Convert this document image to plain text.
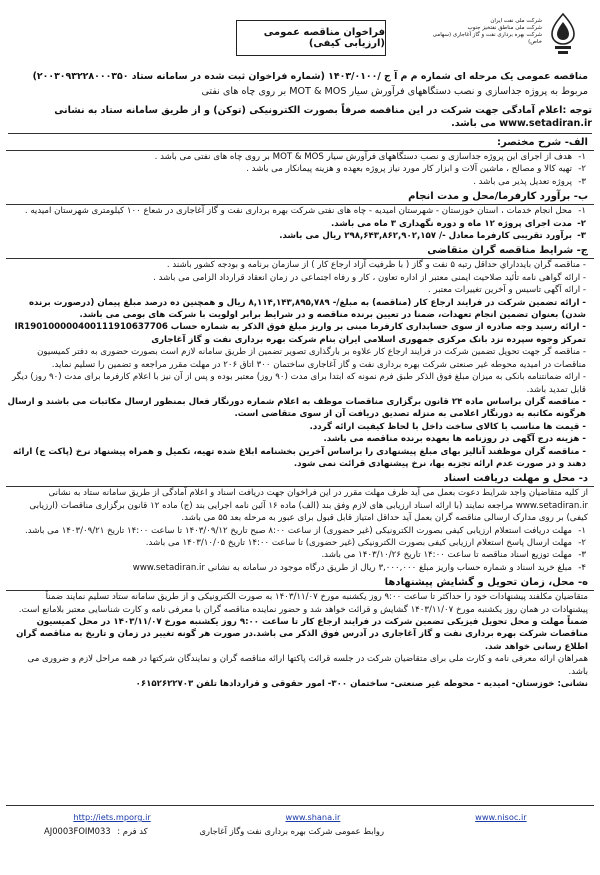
شرکت ملی نفت ایران
شرکت ملی مناطق نفتخیز جنوب
شرکت بهره برداری نفت و گاز آغاجاری (سهامی خاص)
فراخوان مناقصه عمومی (ارزیابی کیفی)
مناقصه عمومی یک مرحله ای شماره م م آ ج /۱۴۰۳/۰۱۰۰ (شماره فراخوان ثبت شده در سامانه ستاد ۲۰۰۳۰۹۳۲۲۸۰۰۰۳۵۰)
مربوط به پروژه جداسازی و نصب دستگاههای فرآورش سیار MOT & MOS بر روی چاه های نفتی
توجه :اعلام آمادگی جهت شرکت در این مناقصه صرفاً بصورت الکترونیکی (توکن) و از طریق سامانه ستاد به نشانی www.setadiran.ir می باشد.
الف- شرح مختصر:
۱-
هدف از اجرای این پروژه جداسازی و نصب دستگاههای فرآورش سیار MOT & MOS بر روی چاه های نفتی می باشد .
۲-
تهیه کالا و مصالح ، ماشین آلات و ابزار کار مورد نیاز پروژه بعهده و هزینه پیمانکار می باشد .
۳-
پروژه تعدیل پذیر می باشد .
ب- برآورد کارفرما/محل و مدت انجام
۱-
محل انجام خدمات ، استان خوزستان - شهرستان امیدیه - چاه های نفتی شرکت بهره برداری نفت و گاز آغاجاری در شعاع ۱۰۰ کیلومتری شهرستان امیدیه .
۲-
مدت اجرای پروژه ۱۲ ماه و دوره نگهداری ۳ ماه می باشد.
۳-
برآورد تقریبی کارفرما معادل -/ ۲۹۸,۶۴۳,۸۶۲,۹۰۲,۱۵۷ ریال می باشد.
ج- شرایط مناقصه گران متقاضی
- مناقصه گران بایدداراي حداقل رتبه ۵ نفت و گاز ( با ظرفیت آزاد ارجاع کار ) از سازمان برنامه و بودجه کشور باشند .
- ارائه گواهی نامه تأئید صلاحیت ایمنی معتبر از اداره تعاون ، کار و رفاه اجتماعی در زمان انعقاد قرارداد الزامی می باشد .
- ارائه آگهی تاسیس و آخرین تغییرات معتبر .
- ارائه تضمین شرکت در فرایند ارجاع کار (مناقصه) به مبلغ/- ۸,۱۱۴,۱۴۳,۸۹۵,۷۸۹ ریال و همچنین ده درصد مبلغ پیمان (درصورت برنده شدن) بعنوان تضمین انجام تعهدات، ضمنا در تعیین برنده مناقصه و در شرایط برابر اولویت با شرکت های بومی می باشد.
- ارائه رسید وجه صادره از سوی حسابداری کارفرما مبنی بر واریز مبلغ فوق الذکر به شماره حساب IR190100000400111910637706 تمرکز وجوه سپرده نزد بانک مرکزی جمهوری اسلامی ایران بنام شرکت بهره برداری نفت و گاز آغاجاری
- مناقصه گر جهت تحویل تضمین شرکت در فرایند ارجاع کار علاوه بر بارگذاری تصویر تضمین از طریق سامانه لازم است بصورت حضوری به دفتر کمیسیون مناقصات در امیدیه محوطه غیر صنعتی شرکت بهره برداری نفت و گاز آغاجاری ساختمان ۳۰۰ اتاق ۲۰۶ در مهلت مقرر مراجعه و تضمین را تسلیم نماید.
- ارائه ضمانتنامه بانکی به میزان مبلغ فوق الذکر طبق فرم نمونه که ابتدا برای مدت (۹۰ روز) معتبر بوده و پس از آن نیز با اعلام کارفرما برای مدت (۹۰ روز) دیگر قابل تمدید باشد.
- مناقصه گران براساس ماده ۲۴ قانون برگزاری مناقصات موظف به اعلام شماره دورنگار فعال بمنظور ارسال مکاتبات می باشند و ارسال هرگونه مکاتبه به دورنگار اعلامی به منزله تصدیق دریافت آن از سوی متقاضی است.
- قیمت ها مناسب با کالای ساخت داخل با لحاظ کیفیت ارائه گردد.
- هزینه درج آگهی در روزنامه ها بعهده برنده مناقصه می باشد.
- مناقصه گران موظفند آنالیز بهای مبلغ پیشنهادی را براساس آخرین بخشنامه ابلاغ شده تهیه، تکمیل و همراه پیشنهاد نرخ (پاکت ج) ارائه دهند و در صورت عدم ارائه تجزیه بها، نرخ پیشنهادی قرائت نمی شود.
د- محل و مهلت دریافت اسناد
از کلیه متقاضیان واجد شرایط دعوت بعمل می آید ظرف مهلت مقرر در این فراخوان جهت دریافت اسناد و اعلام آمادگی از طریق سامانه ستاد به نشانی www.setadiran.ir مراجعه نمایند (با ارائه اسناد ارزیابی های لازم وفق بند (الف) ماده ۱۶ آئین نامه اجرایی بند (ج) ماده ۱۲ قانون برگزاری مناقصات (ارزیابی کیفی) بر روی مدارک ارسالی مناقصه گران بعمل آید حداقل امتیاز قابل قبول برای عبور به مرحله بعد ۵۵ می باشد.
۱-
مهلت دریافت استعلام ارزیابی کیفی بصورت الکترونیکی (غیر حضوری) از ساعت ۸:۰۰ صبح تاریخ ۱۴۰۳/۰۹/۱۲ تا ساعت ۱۴:۰۰ تاریخ ۱۴۰۳/۰۹/۲۱ می باشد.
۲-
مهلت ارسال پاسخ استعلام ارزیابی کیفی بصورت الکترونیکی (غیر حضوری) تا ساعت ۱۴:۰۰ تاریخ ۱۴۰۳/۱۰/۰۵ می باشد.
۳-
مهلت توزیع اسناد مناقصه تا ساعت ۱۴:۰۰ تاریخ ۱۴۰۳/۱۰/۲۶ می باشد.
۴-
مبلغ خرید اسناد و شماره حساب واریز مبلغ ۳,۰۰۰,۰۰۰ ریال از طریق درگاه موجود در سامانه به نشانی www.setadiran.ir
ه- محل، زمان تحویل و گشایش پیشنهادها
متقاضیان مکلفند پیشنهادات خود را حداکثر تا ساعت ۹:۰۰ روز یکشنبه مورخ ۱۴۰۳/۱۱/۰۷ به صورت الکترونیکی و از طریق سامانه ستاد تسلیم نمایند ضمناً پیشنهادات در همان روز یکشنبه مورخ ۱۴۰۳/۱۱/۰۷ گشایش و قرائت خواهد شد و حضور نماینده مناقصه گران با معرفی نامه و کارت شناسایی معتبر بلامانع است.
ضمناً مهلت و محل تحویل فیزیکی تضمین شرکت در فرایند ارجاع کار تا ساعت ۹:۰۰ روز یکشنبه مورخ ۱۴۰۳/۱۱/۰۷ در محل کمیسیون مناقصات شرکت بهره برداری نفت و گاز آغاجاری در آدرس فوق الذکر می باشد.در صورت هر گونه تغییر در زمان و تاریخ به مناقصه گران اطلاع رسانی خواهد شد.
همراهان ارائه معرفی نامه و کارت ملی برای متقاضیان شرکت در جلسه قرائت پاکتها ارائه مناقصه گران و نمایندگان شرکتها در همه مراحل لازم و ضروری می باشد.
نشانی: خوزستان- امیدیه - محوطه غیر صنعتی- ساختمان ۳۰۰- امور حقوقی و قراردادها تلفن ۰۶۱۵۲۶۲۲۷۰۳
http://iets.mporg.ir	www.shana.ir	www.nisoc.ir
روابط عمومی شرکت بهره برداری نفت وگاز آغاجاری
کد فرم : AJ0003FOIM033
